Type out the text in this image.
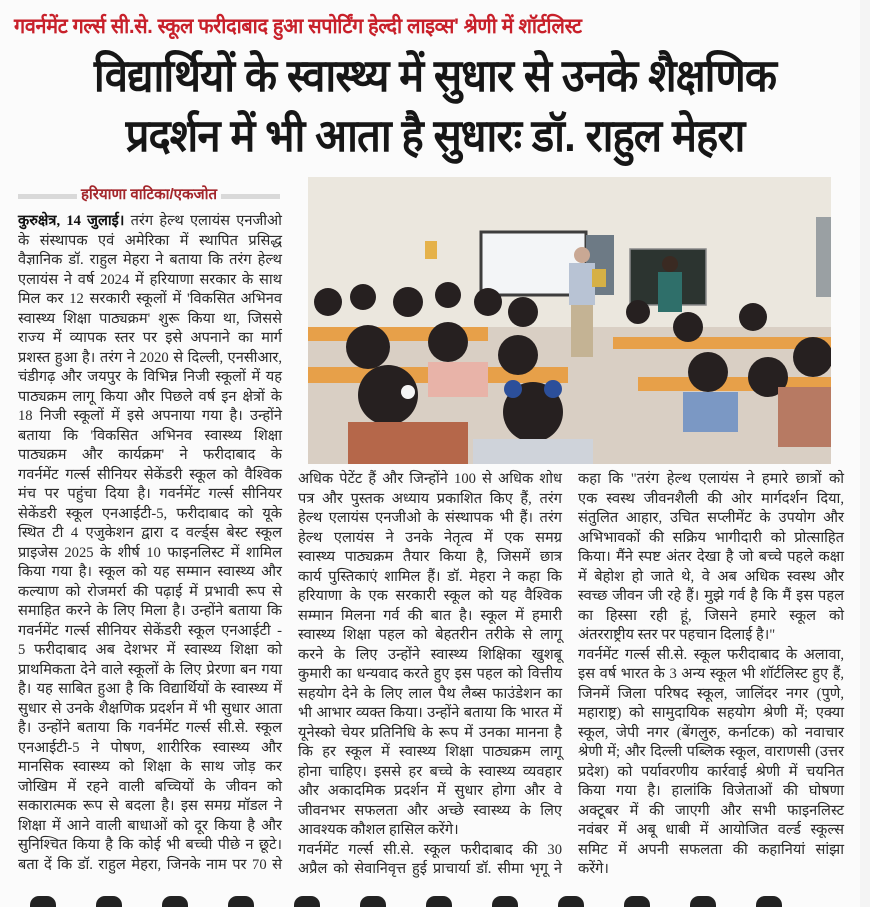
गवर्नमेंट गर्ल्स सी.से. स्कूल फरीदाबाद हुआ सपोर्टिंग हेल्दी लाइव्स' श्रेणी में शॉर्टलिस्ट
विद्यार्थियों के स्वास्थ्य में सुधार से उनके शैक्षणिक
प्रदर्शन में भी आता है सुधारः डॉ. राहुल मेहरा
हरियाणा वाटिका/एकजोत
कुरुक्षेत्र, 14 जुलाई। तरंग हेल्थ एलायंस एनजीओ
के संस्थापक एवं अमेरिका में स्थापित प्रसिद्ध
वैज्ञानिक डॉ. राहुल मेहरा ने बताया कि तरंग हेल्थ
एलायंस ने वर्ष 2024 में हरियाणा सरकार के साथ
मिल कर 12 सरकारी स्कूलों में 'विकसित अभिनव
स्वास्थ्य शिक्षा पाठ्यक्रम' शुरू किया था, जिससे
राज्य में व्यापक स्तर पर इसे अपनाने का मार्ग
प्रशस्त हुआ है। तरंग ने 2020 से दिल्ली, एनसीआर,
चंडीगढ़ और जयपुर के विभिन्न निजी स्कूलों में यह
पाठ्यक्रम लागू किया और पिछले वर्ष इन क्षेत्रों के
18 निजी स्कूलों में इसे अपनाया गया है। उन्होंने
बताया कि 'विकसित अभिनव स्वास्थ्य शिक्षा
पाठ्यक्रम और कार्यक्रम' ने फरीदाबाद के
गवर्नमेंट गर्ल्स सीनियर सेकेंडरी स्कूल को वैश्विक
मंच पर पहुंचा दिया है। गवर्नमेंट गर्ल्स सीनियर
सेकेंडरी स्कूल एनआईटी-5, फरीदाबाद को यूके
स्थित टी 4 एजुकेशन द्वारा द वर्ल्ड्स बेस्ट स्कूल
प्राइजेस 2025 के शीर्ष 10 फाइनलिस्ट में शामिल
किया गया है। स्कूल को यह सम्मान स्वास्थ्य और
कल्याण को रोजमर्रा की पढ़ाई में प्रभावी रूप से
समाहित करने के लिए मिला है। उन्होंने बताया कि
गवर्नमेंट गर्ल्स सीनियर सेकेंडरी स्कूल एनआईटी -
5 फरीदाबाद अब देशभर में स्वास्थ्य शिक्षा को
प्राथमिकता देने वाले स्कूलों के लिए प्रेरणा बन गया
है। यह साबित हुआ है कि विद्यार्थियों के स्वास्थ्य में
सुधार से उनके शैक्षणिक प्रदर्शन में भी सुधार आता
है। उन्होंने बताया कि गवर्नमेंट गर्ल्स सी.से. स्कूल
एनआईटी-5 ने पोषण, शारीरिक स्वास्थ्य और
मानसिक स्वास्थ्य को शिक्षा के साथ जोड़ कर
जोखिम में रहने वाली बच्चियों के जीवन को
सकारात्मक रूप से बदला है। इस समग्र मॉडल ने
शिक्षा में आने वाली बाधाओं को दूर किया है और
सुनिश्चित किया है कि कोई भी बच्ची पीछे न छूटे।
बता दें कि डॉ. राहुल मेहरा, जिनके नाम पर 70 से
अधिक पेटेंट हैं और जिन्होंने 100 से अधिक शोध
पत्र और पुस्तक अध्याय प्रकाशित किए हैं, तरंग
हेल्थ एलायंस एनजीओ के संस्थापक भी हैं। तरंग
हेल्थ एलायंस ने उनके नेतृत्व में एक समग्र
स्वास्थ्य पाठ्यक्रम तैयार किया है, जिसमें छात्र
कार्य पुस्तिकाएं शामिल हैं। डॉ. मेहरा ने कहा कि
हरियाणा के एक सरकारी स्कूल को यह वैश्विक
सम्मान मिलना गर्व की बात है। स्कूल में हमारी
स्वास्थ्य शिक्षा पहल को बेहतरीन तरीके से लागू
करने के लिए उन्होंने स्वास्थ्य शिक्षिका खुशबू
कुमारी का धन्यवाद करते हुए इस पहल को वित्तीय
सहयोग देने के लिए लाल पैथ लैब्स फाउंडेशन का
भी आभार व्यक्त किया। उन्होंने बताया कि भारत में
यूनेस्को चेयर प्रतिनिधि के रूप में उनका मानना है
कि हर स्कूल में स्वास्थ्य शिक्षा पाठ्यक्रम लागू
होना चाहिए। इससे हर बच्चे के स्वास्थ्य व्यवहार
और अकादमिक प्रदर्शन में सुधार होगा और वे
जीवनभर सफलता और अच्छे स्वास्थ्य के लिए
आवश्यक कौशल हासिल करेंगे।
गवर्नमेंट गर्ल्स सी.से. स्कूल फरीदाबाद की 30
अप्रैल को सेवानिवृत्त हुई प्राचार्या डॉ. सीमा भृगू ने
कहा कि "तरंग हेल्थ एलायंस ने हमारे छात्रों को
एक स्वस्थ जीवनशैली की ओर मार्गदर्शन दिया,
संतुलित आहार, उचित सप्लीमेंट के उपयोग और
अभिभावकों की सक्रिय भागीदारी को प्रोत्साहित
किया। मैंने स्पष्ट अंतर देखा है जो बच्चे पहले कक्षा
में बेहोश हो जाते थे, वे अब अधिक स्वस्थ और
स्वच्छ जीवन जी रहे हैं। मुझे गर्व है कि मैं इस पहल
का हिस्सा रही हूं, जिसने हमारे स्कूल को
अंतरराष्ट्रीय स्तर पर पहचान दिलाई है।"
गवर्नमेंट गर्ल्स सी.से. स्कूल फरीदाबाद के अलावा,
इस वर्ष भारत के 3 अन्य स्कूल भी शॉर्टलिस्ट हुए हैं,
जिनमें जिला परिषद स्कूल, जालिंदर नगर (पुणे,
महाराष्ट्र) को सामुदायिक सहयोग श्रेणी में; एक्या
स्कूल, जेपी नगर (बेंगलुरु, कर्नाटक) को नवाचार
श्रेणी में; और दिल्ली पब्लिक स्कूल, वाराणसी (उत्तर
प्रदेश) को पर्यावरणीय कार्रवाई श्रेणी में चयनित
किया गया है। हालांकि विजेताओं की घोषणा
अक्टूबर में की जाएगी और सभी फाइनलिस्ट
नवंबर में अबू धाबी में आयोजित वर्ल्ड स्कूल्स
समिट में अपनी सफलता की कहानियां सांझा
करेंगे।
